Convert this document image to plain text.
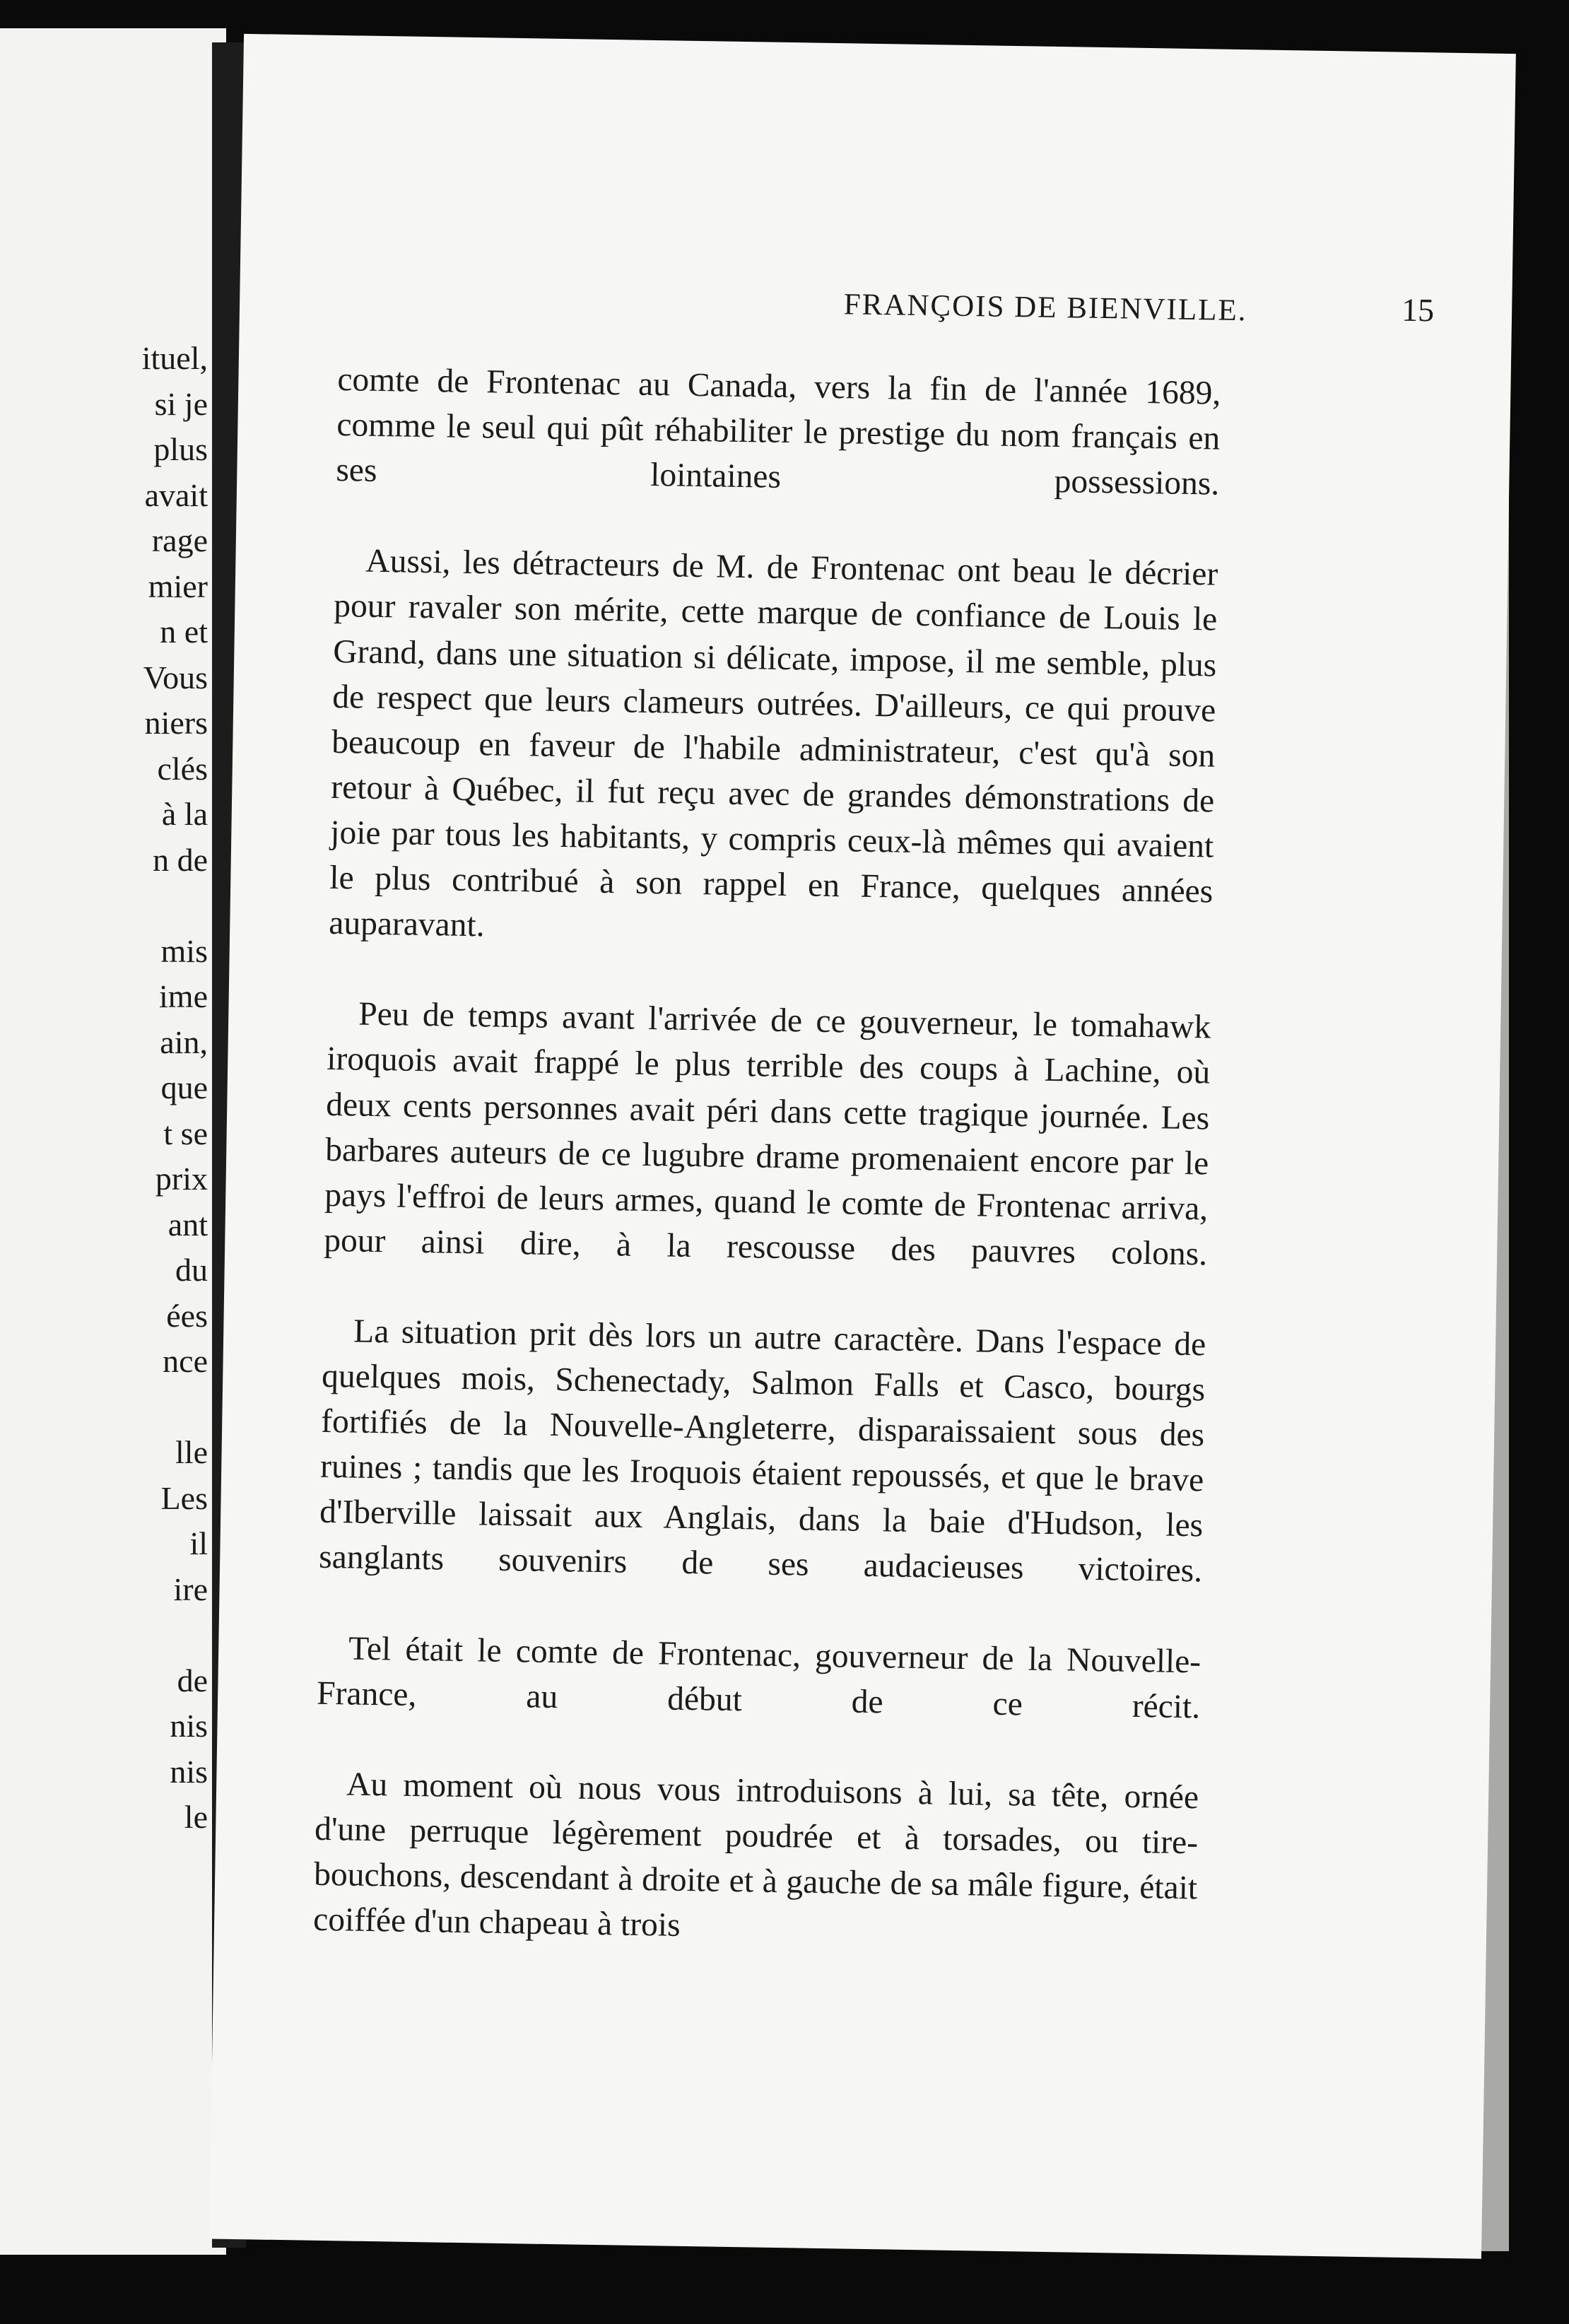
ituel,
si je
plus
avait
rage
mier
n et
Vous
niers
clés
à la
n de
mis
ime
ain,
que
t se
prix
ant
du
ées
nce
lle
Les
il
ire
de
nis
nis
le
FRANÇOIS DE BIENVILLE.	15

comte de Frontenac au Canada, vers la fin de l'année 1689, comme le seul qui pût réhabiliter le prestige du nom français en ses lointaines possessions.

Aussi, les détracteurs de M. de Frontenac ont beau le décrier pour ravaler son mérite, cette marque de confiance de Louis le Grand, dans une situation si délicate, impose, il me semble, plus de respect que leurs clameurs outrées. D'ailleurs, ce qui prouve beaucoup en faveur de l'habile administrateur, c'est qu'à son retour à Québec, il fut reçu avec de grandes démonstrations de joie par tous les habitants, y compris ceux-là mêmes qui avaient le plus contribué à son rappel en France, quelques années auparavant.

Peu de temps avant l'arrivée de ce gouverneur, le tomahawk iroquois avait frappé le plus terrible des coups à Lachine, où deux cents personnes avait péri dans cette tragique journée. Les barbares auteurs de ce lugubre drame promenaient encore par le pays l'effroi de leurs armes, quand le comte de Frontenac arriva, pour ainsi dire, à la rescousse des pauvres colons.

La situation prit dès lors un autre caractère. Dans l'espace de quelques mois, Schenectady, Salmon Falls et Casco, bourgs fortifiés de la Nouvelle-Angleterre, disparaissaient sous des ruines ; tandis que les Iroquois étaient repoussés, et que le brave d'Iberville laissait aux Anglais, dans la baie d'Hudson, les sanglants souvenirs de ses audacieuses victoires.

Tel était le comte de Frontenac, gouverneur de la Nouvelle-France, au début de ce récit.

Au moment où nous vous introduisons à lui, sa tête, ornée d'une perruque légèrement poudrée et à torsades, ou tire-bouchons, descendant à droite et à gauche de sa mâle figure, était coiffée d'un chapeau à trois
